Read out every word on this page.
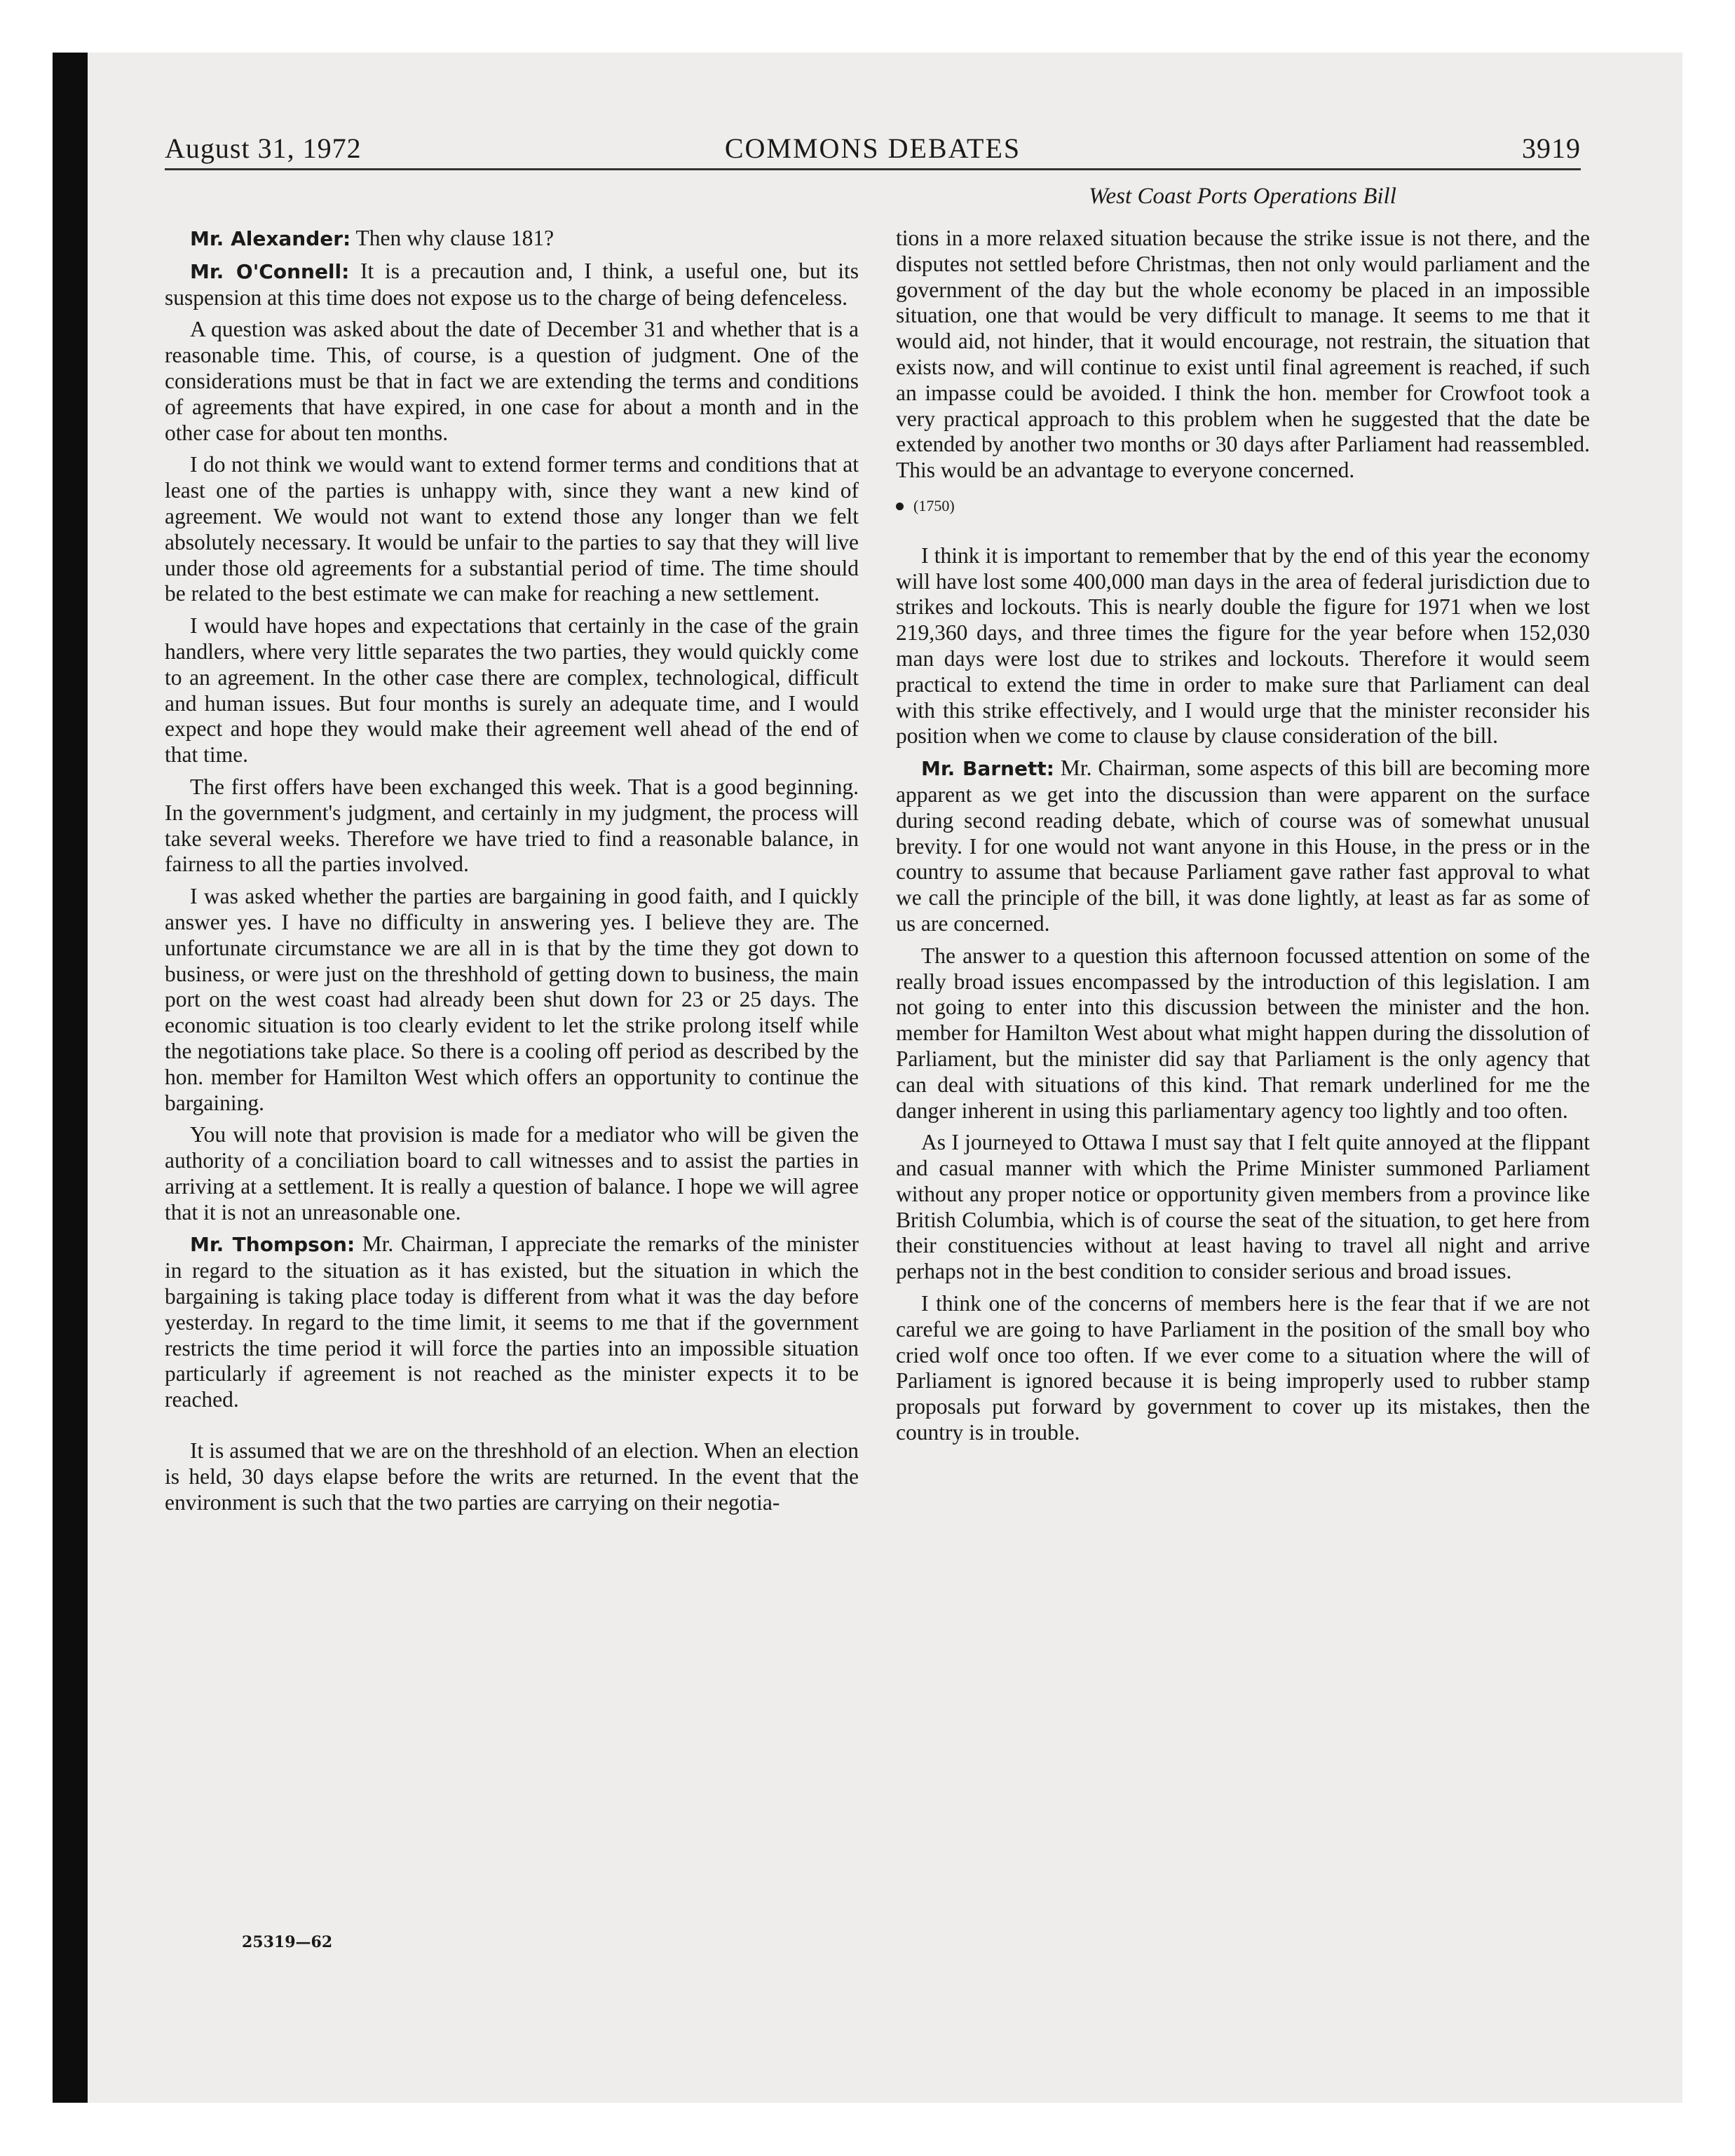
August 31, 1972	COMMONS DEBATES	3919
West Coast Ports Operations Bill

Mr. Alexander: Then why clause 181?

Mr. O'Connell: It is a precaution and, I think, a useful one, but its suspension at this time does not expose us to the charge of being defenceless.

A question was asked about the date of December 31 and whether that is a reasonable time. This, of course, is a question of judgment. One of the considerations must be that in fact we are extending the terms and conditions of agreements that have expired, in one case for about a month and in the other case for about ten months.

I do not think we would want to extend former terms and conditions that at least one of the parties is unhappy with, since they want a new kind of agreement. We would not want to extend those any longer than we felt absolutely necessary. It would be unfair to the parties to say that they will live under those old agreements for a substantial period of time. The time should be related to the best estimate we can make for reaching a new settlement.

I would have hopes and expectations that certainly in the case of the grain handlers, where very little separates the two parties, they would quickly come to an agreement. In the other case there are complex, technological, difficult and human issues. But four months is surely an adequate time, and I would expect and hope they would make their agreement well ahead of the end of that time.

The first offers have been exchanged this week. That is a good beginning. In the government's judgment, and certainly in my judgment, the process will take several weeks. Therefore we have tried to find a reasonable balance, in fairness to all the parties involved.

I was asked whether the parties are bargaining in good faith, and I quickly answer yes. I have no difficulty in answering yes. I believe they are. The unfortunate circumstance we are all in is that by the time they got down to business, or were just on the threshhold of getting down to business, the main port on the west coast had already been shut down for 23 or 25 days. The economic situation is too clearly evident to let the strike prolong itself while the negotiations take place. So there is a cooling off period as described by the hon. member for Hamilton West which offers an opportunity to continue the bargaining.

You will note that provision is made for a mediator who will be given the authority of a conciliation board to call witnesses and to assist the parties in arriving at a settlement. It is really a question of balance. I hope we will agree that it is not an unreasonable one.

Mr. Thompson: Mr. Chairman, I appreciate the remarks of the minister in regard to the situation as it has existed, but the situation in which the bargaining is taking place today is different from what it was the day before yesterday. In regard to the time limit, it seems to me that if the government restricts the time period it will force the parties into an impossible situation particularly if agreement is not reached as the minister expects it to be reached.

It is assumed that we are on the threshhold of an election. When an election is held, 30 days elapse before the writs are returned. In the event that the environment is such that the two parties are carrying on their negotia-

tions in a more relaxed situation because the strike issue is not there, and the disputes not settled before Christmas, then not only would parliament and the government of the day but the whole economy be placed in an impossible situation, one that would be very difficult to manage. It seems to me that it would aid, not hinder, that it would encourage, not restrain, the situation that exists now, and will continue to exist until final agreement is reached, if such an impasse could be avoided. I think the hon. member for Crowfoot took a very practical approach to this problem when he suggested that the date be extended by another two months or 30 days after Parliament had reassembled. This would be an advantage to everyone concerned.

(1750)

I think it is important to remember that by the end of this year the economy will have lost some 400,000 man days in the area of federal jurisdiction due to strikes and lockouts. This is nearly double the figure for 1971 when we lost 219,360 days, and three times the figure for the year before when 152,030 man days were lost due to strikes and lockouts. Therefore it would seem practical to extend the time in order to make sure that Parliament can deal with this strike effectively, and I would urge that the minister reconsider his position when we come to clause by clause consideration of the bill.

Mr. Barnett: Mr. Chairman, some aspects of this bill are becoming more apparent as we get into the discussion than were apparent on the surface during second reading debate, which of course was of somewhat unusual brevity. I for one would not want anyone in this House, in the press or in the country to assume that because Parliament gave rather fast approval to what we call the principle of the bill, it was done lightly, at least as far as some of us are concerned.

The answer to a question this afternoon focussed attention on some of the really broad issues encompassed by the introduction of this legislation. I am not going to enter into this discussion between the minister and the hon. member for Hamilton West about what might happen during the dissolution of Parliament, but the minister did say that Parliament is the only agency that can deal with situations of this kind. That remark underlined for me the danger inherent in using this parliamentary agency too lightly and too often.

As I journeyed to Ottawa I must say that I felt quite annoyed at the flippant and casual manner with which the Prime Minister summoned Parliament without any proper notice or opportunity given members from a province like British Columbia, which is of course the seat of the situation, to get here from their constituencies without at least having to travel all night and arrive perhaps not in the best condition to consider serious and broad issues.

I think one of the concerns of members here is the fear that if we are not careful we are going to have Parliament in the position of the small boy who cried wolf once too often. If we ever come to a situation where the will of Parliament is ignored because it is being improperly used to rubber stamp proposals put forward by government to cover up its mistakes, then the country is in trouble.

25319—62
